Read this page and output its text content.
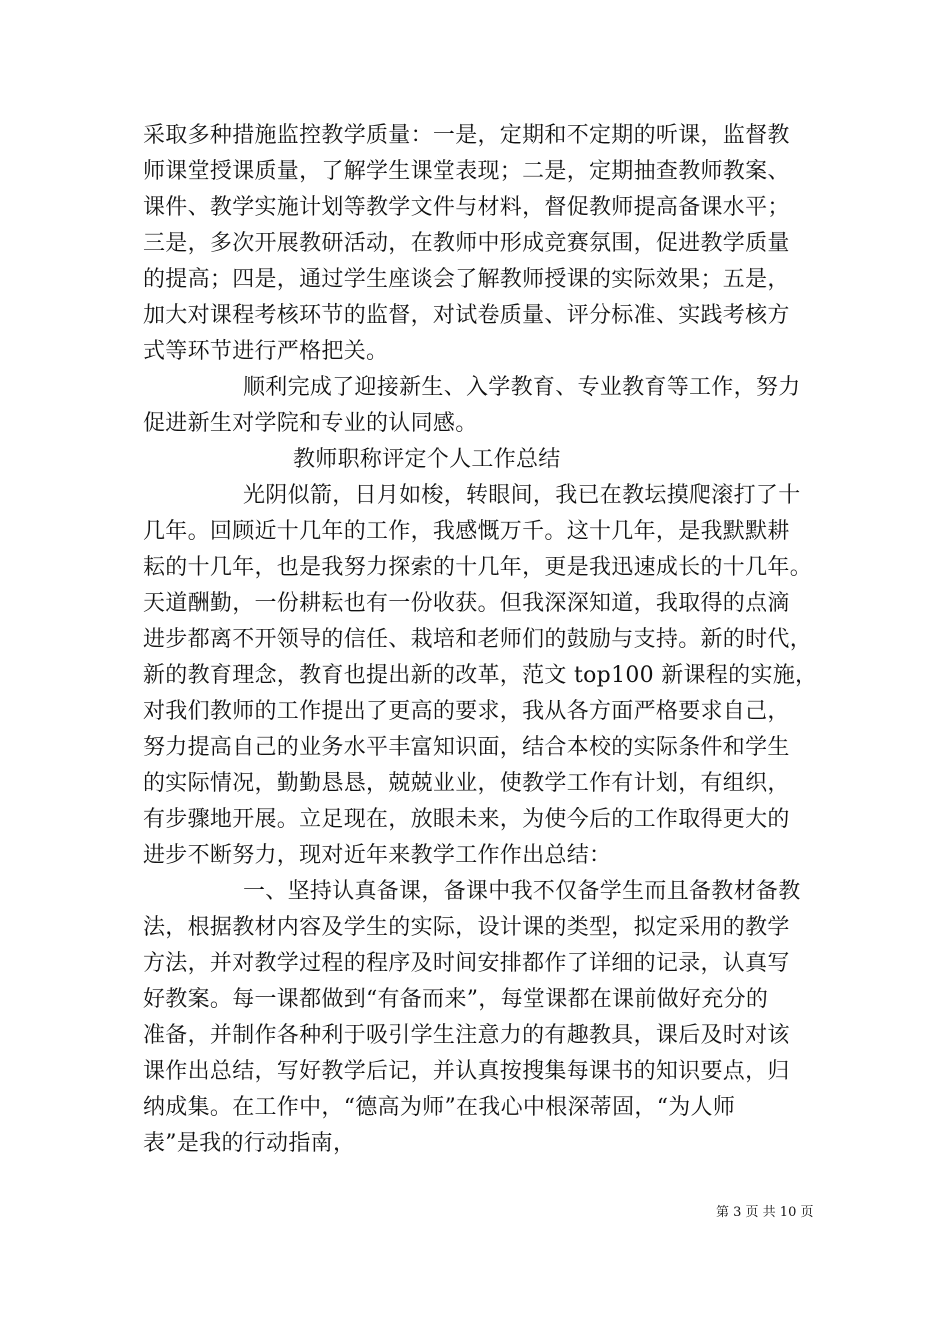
采取多种措施监控教学质量：一是，定期和不定期的听课，监督教
师课堂授课质量，了解学生课堂表现；二是，定期抽查教师教案、
课件、教学实施计划等教学文件与材料，督促教师提高备课水平；
三是，多次开展教研活动，在教师中形成竞赛氛围，促进教学质量
的提高；四是，通过学生座谈会了解教师授课的实际效果；五是，
加大对课程考核环节的监督，对试卷质量、评分标准、实践考核方
式等环节进行严格把关。
顺利完成了迎接新生、入学教育、专业教育等工作，努力
促进新生对学院和专业的认同感。
教师职称评定个人工作总结
光阴似箭，日月如梭，转眼间，我已在教坛摸爬滚打了十
几年。回顾近十几年的工作，我感慨万千。这十几年，是我默默耕
耘的十几年，也是我努力探索的十几年，更是我迅速成长的十几年。
天道酬勤，一份耕耘也有一份收获。但我深深知道，我取得的点滴
进步都离不开领导的信任、栽培和老师们的鼓励与支持。新的时代，
新的教育理念，教育也提出新的改革，范文 top100 新课程的实施，
对我们教师的工作提出了更高的要求，我从各方面严格要求自己，
努力提高自己的业务水平丰富知识面，结合本校的实际条件和学生
的实际情况，勤勤恳恳，兢兢业业，使教学工作有计划，有组织，
有步骤地开展。立足现在，放眼未来，为使今后的工作取得更大的
进步不断努力，现对近年来教学工作作出总结：
一、坚持认真备课，备课中我不仅备学生而且备教材备教
法，根据教材内容及学生的实际，设计课的类型，拟定采用的教学
方法，并对教学过程的程序及时间安排都作了详细的记录，认真写
好教案。每一课都做到“有备而来”，每堂课都在课前做好充分的
准备，并制作各种利于吸引学生注意力的有趣教具，课后及时对该
课作出总结，写好教学后记，并认真按搜集每课书的知识要点，归
纳成集。在工作中，“德高为师”在我心中根深蒂固，“为人师
表”是我的行动指南，
第 3 页 共 10 页
